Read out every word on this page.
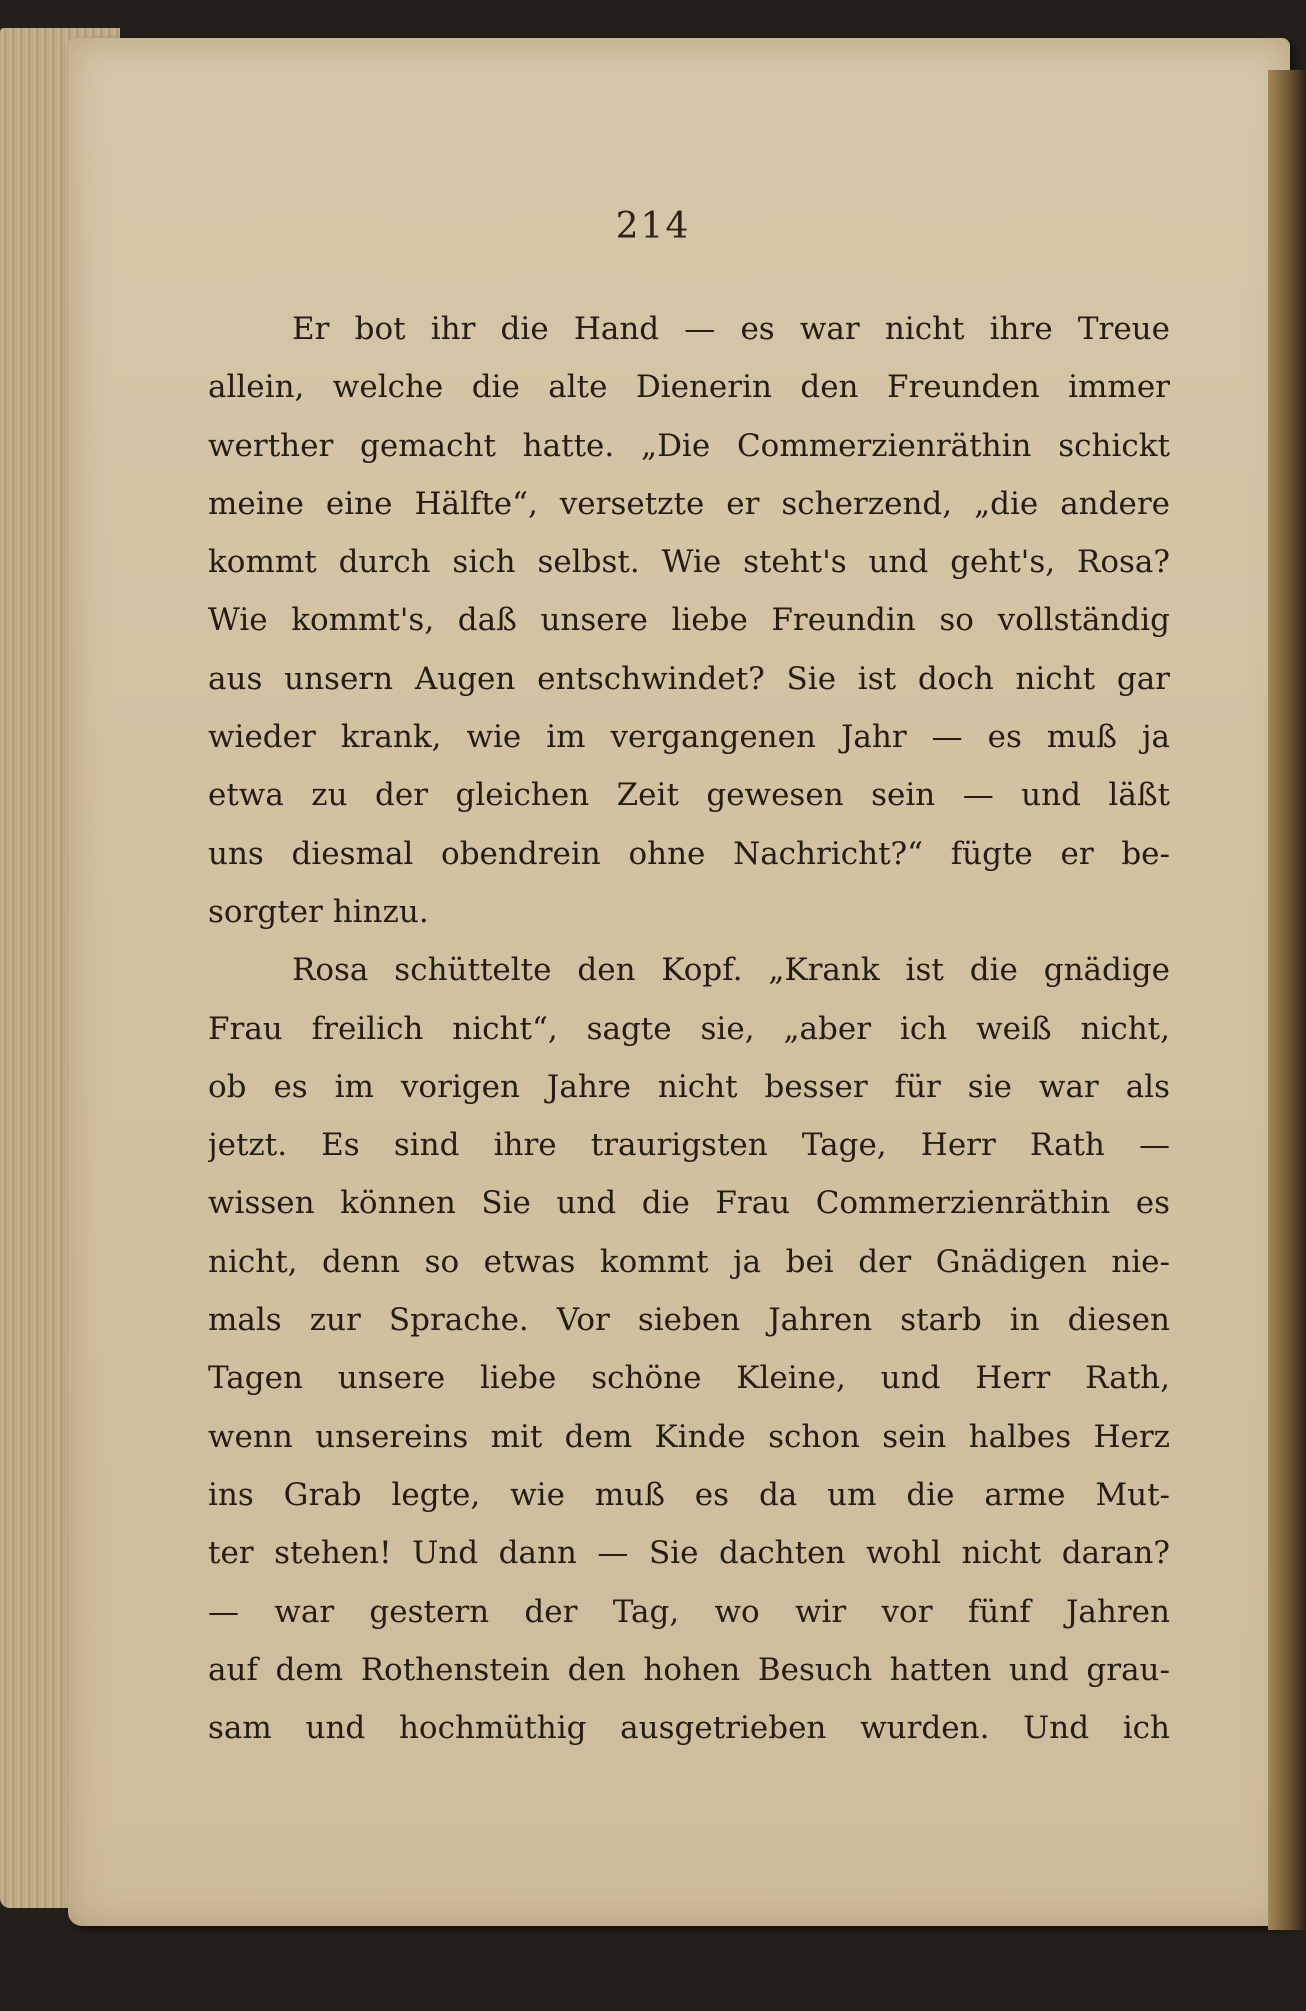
214
Er bot ihr die Hand — es war nicht ihre Treue
allein, welche die alte Dienerin den Freunden immer
werther gemacht hatte. „Die Commerzienräthin schickt
meine eine Hälfte“, versetzte er scherzend, „die andere
kommt durch sich selbst. Wie steht's und geht's, Rosa?
Wie kommt's, daß unsere liebe Freundin so vollständig
aus unsern Augen entschwindet? Sie ist doch nicht gar
wieder krank, wie im vergangenen Jahr — es muß ja
etwa zu der gleichen Zeit gewesen sein — und läßt
uns diesmal obendrein ohne Nachricht?“ fügte er be-
sorgter hinzu.
Rosa schüttelte den Kopf. „Krank ist die gnädige
Frau freilich nicht“, sagte sie, „aber ich weiß nicht,
ob es im vorigen Jahre nicht besser für sie war als
jetzt. Es sind ihre traurigsten Tage, Herr Rath —
wissen können Sie und die Frau Commerzienräthin es
nicht, denn so etwas kommt ja bei der Gnädigen nie-
mals zur Sprache. Vor sieben Jahren starb in diesen
Tagen unsere liebe schöne Kleine, und Herr Rath,
wenn unsereins mit dem Kinde schon sein halbes Herz
ins Grab legte, wie muß es da um die arme Mut-
ter stehen! Und dann — Sie dachten wohl nicht daran?
— war gestern der Tag, wo wir vor fünf Jahren
auf dem Rothenstein den hohen Besuch hatten und grau-
sam und hochmüthig ausgetrieben wurden. Und ich
